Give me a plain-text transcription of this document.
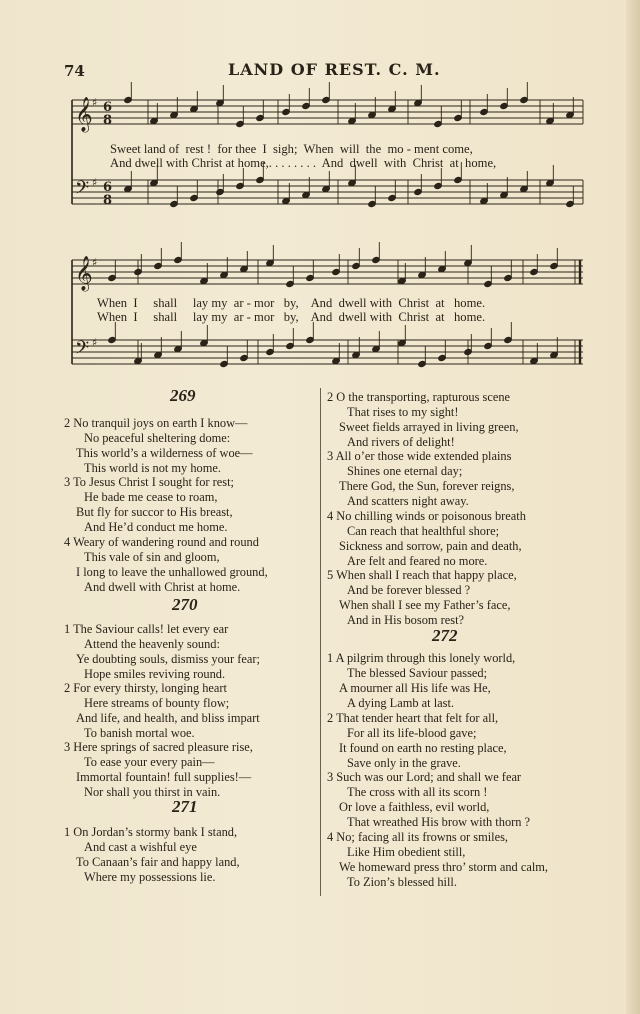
74	LAND OF REST. C. M.
𝄞
𝄢
𝄞
𝄢
♯
♯
♯
♯
6
8
6
8
Sweet land of  rest !  for thee  I  sigh;  When  will  the  mo - ment come,
And dwell with Christ at home,. . . . . . . .  And  dwell  with  Christ  at  home,
When  I     shall     lay my  ar - mor   by,    And  dwell with  Christ  at   home.
When  I     shall     lay my  ar - mor   by,    And  dwell with  Christ  at   home.
269
2 No tranquil joys on earth I know—
No peaceful sheltering dome:
This world’s a wilderness of woe—
This world is not my home.
3 To Jesus Christ I sought for rest;
He bade me cease to roam,
But fly for succor to His breast,
And He’d conduct me home.
4 Weary of wandering round and round
This vale of sin and gloom,
I long to leave the unhallowed ground,
And dwell with Christ at home.
270
1 The Saviour calls! let every ear
Attend the heavenly sound:
Ye doubting souls, dismiss your fear;
Hope smiles reviving round.
2 For every thirsty, longing heart
Here streams of bounty flow;
And life, and health, and bliss impart
To banish mortal woe.
3 Here springs of sacred pleasure rise,
To ease your every pain—
Immortal fountain! full supplies!—
Nor shall you thirst in vain.
271
1 On Jordan’s stormy bank I stand,
And cast a wishful eye
To Canaan’s fair and happy land,
Where my possessions lie.
2 O the transporting, rapturous scene
That rises to my sight!
Sweet fields arrayed in living green,
And rivers of delight!
3 All o’er those wide extended plains
Shines one eternal day;
There God, the Sun, forever reigns,
And scatters night away.
4 No chilling winds or poisonous breath
Can reach that healthful shore;
Sickness and sorrow, pain and death,
Are felt and feared no more.
5 When shall I reach that happy place,
And be forever blessed ?
When shall I see my Father’s face,
And in His bosom rest?
272
1 A pilgrim through this lonely world,
The blessed Saviour passed;
A mourner all His life was He,
A dying Lamb at last.
2 That tender heart that felt for all,
For all its life-blood gave;
It found on earth no resting place,
Save only in the grave.
3 Such was our Lord; and shall we fear
The cross with all its scorn !
Or love a faithless, evil world,
That wreathed His brow with thorn ?
4 No; facing all its frowns or smiles,
Like Him obedient still,
We homeward press thro’ storm and calm,
To Zion’s blessed hill.
